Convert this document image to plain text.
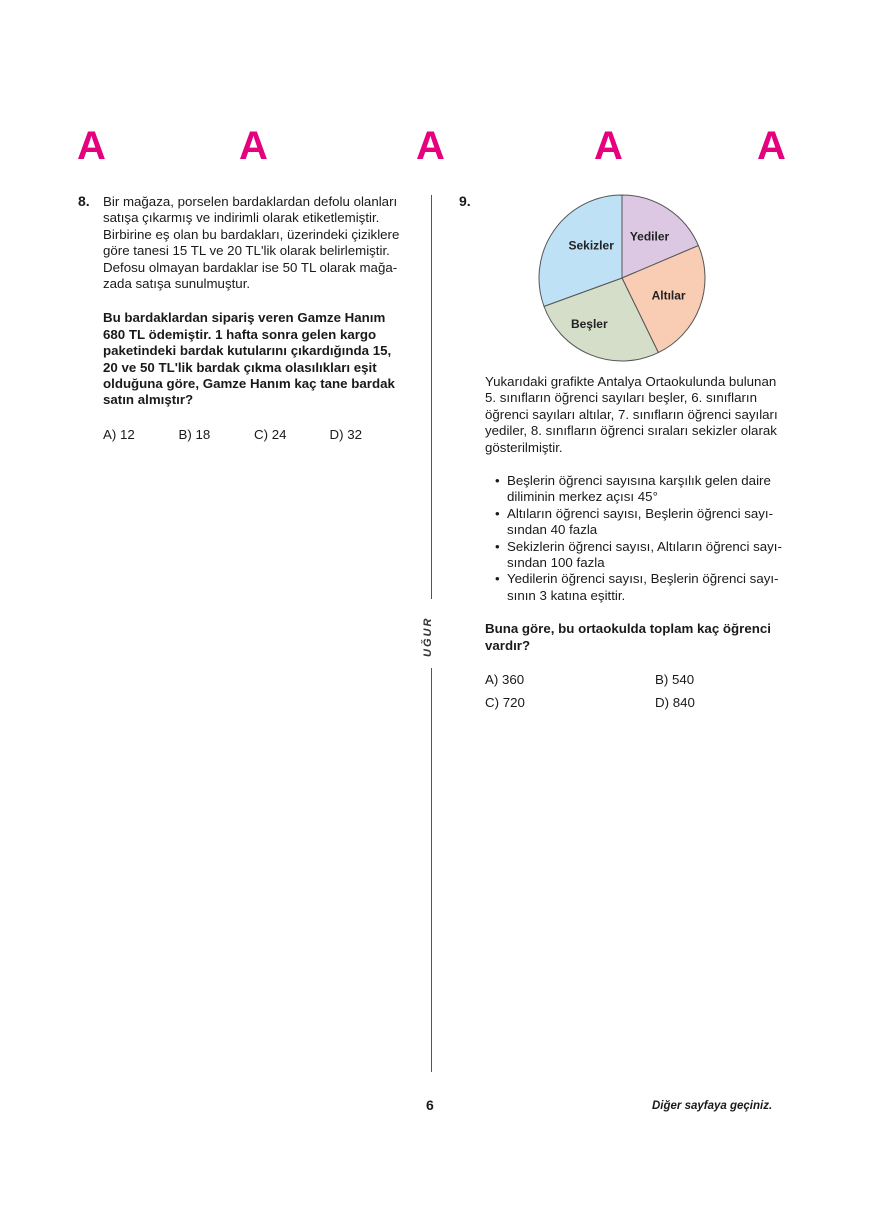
A	A	A	A	A
8. Bir mağaza, porselen bardaklardan defolu olanları
satışa çıkarmış ve indirimli olarak etiketlemiştir.
Birbirine eş olan bu bardakları, üzerindeki çiziklere
göre tanesi 15 TL ve 20 TL'lik olarak belirlemiştir.
Defosu olmayan bardaklar ise 50 TL olarak mağa-
zada satışa sunulmuştur.
Bu bardaklardan sipariş veren Gamze Hanım
680 TL ödemiştir. 1 hafta sonra gelen kargo
paketindeki bardak kutularını çıkardığında 15,
20 ve 50 TL'lik bardak çıkma olasılıkları eşit
olduğuna göre, Gamze Hanım kaç tane bardak
satın almıştır?
A) 12	B) 18	C) 24	D) 32
UĞUR
9.
Yediler
Altılar
Beşler
Sekizler
Yukarıdaki grafikte Antalya Ortaokulunda bulunan
5. sınıfların öğrenci sayıları beşler, 6. sınıfların
öğrenci sayıları altılar, 7. sınıfların öğrenci sayıları
yediler, 8. sınıfların öğrenci sıraları sekizler olarak
gösterilmiştir.
• Beşlerin öğrenci sayısına karşılık gelen daire
diliminin merkez açısı 45°
• Altıların öğrenci sayısı, Beşlerin öğrenci sayı-
sından 40 fazla
• Sekizlerin öğrenci sayısı, Altıların öğrenci sayı-
sından 100 fazla
• Yedilerin öğrenci sayısı, Beşlerin öğrenci sayı-
sının 3 katına eşittir.
Buna göre, bu ortaokulda toplam kaç öğrenci
vardır?
A) 360	B) 540
C) 720	D) 840
6	Diğer sayfaya geçiniz.
